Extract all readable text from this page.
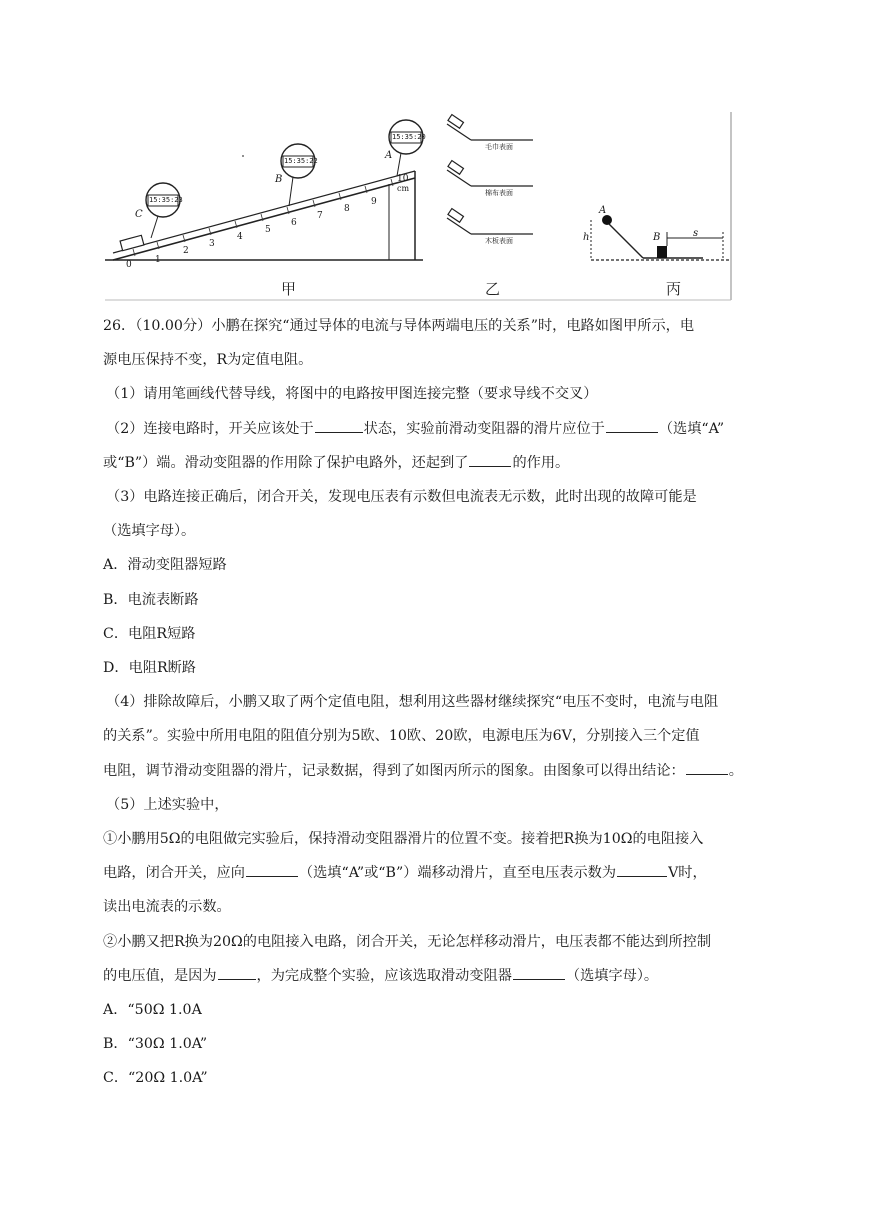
15:35:20
15:35:22
15:35:23
A
B
C
0	1
2
3
4
5
6
7
8
9
10
cm
毛巾表面
棉布表面
木板表面
A
h	B	s
甲	乙	丙
26．（10.00分）小鹏在探究“通过导体的电流与导体两端电压的关系”时，电路如图甲所示，电
源电压保持不变，R为定值电阻。
（1）请用笔画线代替导线，将图中的电路按甲图连接完整（要求导线不交叉）
（2）连接电路时，开关应该处于	状态，实验前滑动变阻器的滑片应位于	（选填“A”
或“B”）端。滑动变阻器的作用除了保护电路外，还起到了	的作用。
（3）电路连接正确后，闭合开关，发现电压表有示数但电流表无示数，此时出现的故障可能是
（选填字母）。
A．滑动变阻器短路
B．电流表断路
C．电阻R短路
D．电阻R断路
（4）排除故障后，小鹏又取了两个定值电阻，想利用这些器材继续探究“电压不变时，电流与电阻
的关系”。实验中所用电阻的阻值分别为5欧、10欧、20欧，电源电压为6V，分别接入三个定值
电阻，调节滑动变阻器的滑片，记录数据，得到了如图丙所示的图象。由图象可以得出结论：	。
（5）上述实验中，
①小鹏用5Ω的电阻做完实验后，保持滑动变阻器滑片的位置不变。接着把R换为10Ω的电阻接入
电路，闭合开关，应向	（选填“A”或“B”）端移动滑片，直至电压表示数为	V时，
读出电流表的示数。
②小鹏又把R换为20Ω的电阻接入电路，闭合开关，无论怎样移动滑片，电压表都不能达到所控制
的电压值，是因为	，为完成整个实验，应该选取滑动变阻器	（选填字母）。
A．“50Ω 1.0A
B．“30Ω 1.0A”
C．“20Ω 1.0A”
